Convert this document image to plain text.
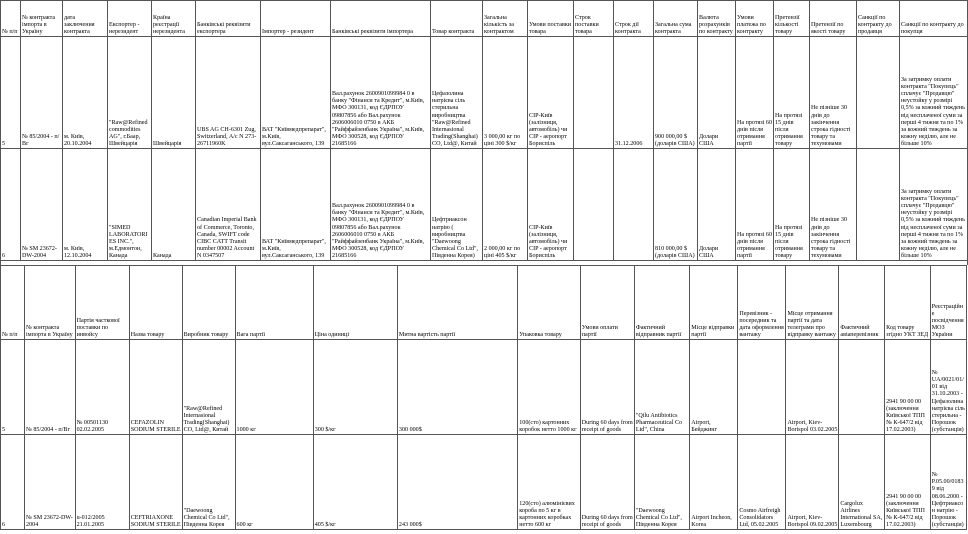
№ п/п	№ контракта імпорта в Україну	дата заключения контракта	Експортер - нерезидент	Країна реєстрації нерезидента	Банківські реквізити експортера	Імпортер - резидент	Банківські реквізити імпортера	Товар контракта	Загальна кількість за контрактом	Умови поставки товара	Строк поставки товара	Строк дії контракта	Загальна сума контракта	Валюта розрахунків по контракту	Умови платежа по контракту	Претензії кількості товару	Претензії по якості товару	Санкції по контракту до продавця	Санкції по контракту до покупця
5	№ 85/2004 - п/Вг	м. Київ, 20.10.2004	"Raw@Refined commodities AG", г.Баар, Швейцарія	Швейцарія	UBS AG CH-6301 Zug, Switzerland, A/c N 273-26711960K	ВАТ "Київмедпрепарат", м.Київ, вул.Саксаганського, 139	Вал.рахунок 2600901099984 0 в банку "Фінанси та Кредит", м.Київ, МФО 300131, код ЄДРПОУ 09807856 або Вал.рахунок 2606006010 0750 в АКБ "Райффайзенбанк Україна", м.Київ, МФО 300528, код ЄДРПОУ 21685166	Цефазолина натрієва сіль стерильна виробництва "Raw@Refined Internasional Trading(Shanghai) CO, Ltd@, Китай	3 000,00 кг по ціні 300 $/кг	CIP-Київ (залізниця, автомобіль) чи CIP - аеропорт Бориспіль		31.12.2006	900 000,00 $ (доларів США)	Долари США	На протязі 60 днів після отримання партії	На протязі 15 днів після отримання товару	Не пізніше 30 днів до закінчення строка гідності товару та техумовами		За затримку оплати контракта "Покупець" сплачує "Продавцю" неустойку у розмірі 0,5% за кожний тиждень від несплаченої суми за перші 4 тижня та по 1% за кожний тиждень за кожну неділю, але не більше 10%
6	№ SM 23672-DW-2004	м. Київ, 12.10.2004	"SIMED LABORATORIES INC.", м.Едмонтон, Канада	Канада	Canadian Imperial Bank of Commerce, Toronto, Canada, SWIFT code CIBC CATT Transit number 00002 Account N 0347507	ВАТ "Київмедпрепарат", м.Київ, вул.Саксаганського, 139	Вал.рахунок 2600901099984 0 в банку "Фінанси та Кредит", м.Київ, МФО 300131, код ЄДРПОУ 09807856 або Вал.рахунок 2606006010 0750 в АКБ "Райффайзенбанк Україна", м.Київ, МФО 300528, код ЄДРПОУ 21685166	Цефтриаксон натрію ( виробництва "Daewoong Chemical Co Ltd", Південна Корея)	2 000,00 кг по ціні 405 $/кг	CIP-Київ (залізниця, автомобіль) чи CIP - аеропорт Бориспіль			810 000,00 $ (доларів США)	Долари США	На протязі 60 днів після отримання партії	На протязі 15 днів після отримання товару	Не пізніше 30 днів до закінчення строка гідності товару та техумовами		За затримку оплати контракта "Покупець" сплачує "Продавцю" неустойку у розмірі 0,5% за кожний тиждень від несплаченої суми за перші 4 тижня та по 1% за кожний тиждень за кожну неділю, але не більше 10%
№ п/п	№ контракта імпорта в Україну	Партія часткової поставки по инвойсу	Назва товару	Виробник товару	Вага партії	Ціна одиниці	Митна вартість партії	Упаковка товару	Умови оплати партії	Фактичний відправник партії	Місце відправки партії	Перевізник - посередник та дата оформлення вантажу	Місце отримання партії та дата телеграми про відправку вантажу	Фактичний авіаперевізник	Код товару згідно УКТ ЗЕД	Реєстраційне посвідчення МОЗ України
5	№ 85/2004 - п/Вг	№ 00501130 02.02.2005	CEFAZOLIN SODIUM STERILE	"Raw@Refined Internasional Trading(Shanghai) CO, Ltd@, Китай	1000 кг	300 $/кг	300 000$	100(сто) картонних коробок нетто 1000 кг	During 60 days from receipt of goods	"Qilu Antibiotics Pharmaceutical Co Ltd", China	Airport, Бейджинг		Airport, Kiev-Borispol 03.02.2005		2941 90 00 00 (заключення Київської ТПП № К-647/2 від 17.02.2003)	№ UA/0021/01/01 від 31.10.2003 - Цефазолина натрієва сіль стерильна - Порошок (субстанція)
6	№ SM 23672-DW-2004	u-012/2005 21.01.2005	CEFTRIAXONE SODIUM STERILE	"Daewoong Chemical Co Ltd", Південна Корея	600 кг	405 $/кг	243 000$	120(сто) алюмінієвих короба по 5 кг в картонних коробках нетто 600 кг	During 60 days from receipt of goods	"Daewoong Chemical Co Ltd", Південна Корея	Airport Incheon, Korea	Cosmo Airfreigh Consolidators Ltd, 05.02.2005	Airport, Kiev-Borispol 09.02.2005	Cargolux Airlines International SA, Luxembourg	2941 90 00 00 (заключення Київської ТПП № К-647/2 від 17.02.2003)	№ Р.05.00/01839 від 08.06.2000 - Цефтриаксон натрію - Порошок (субстанція)
